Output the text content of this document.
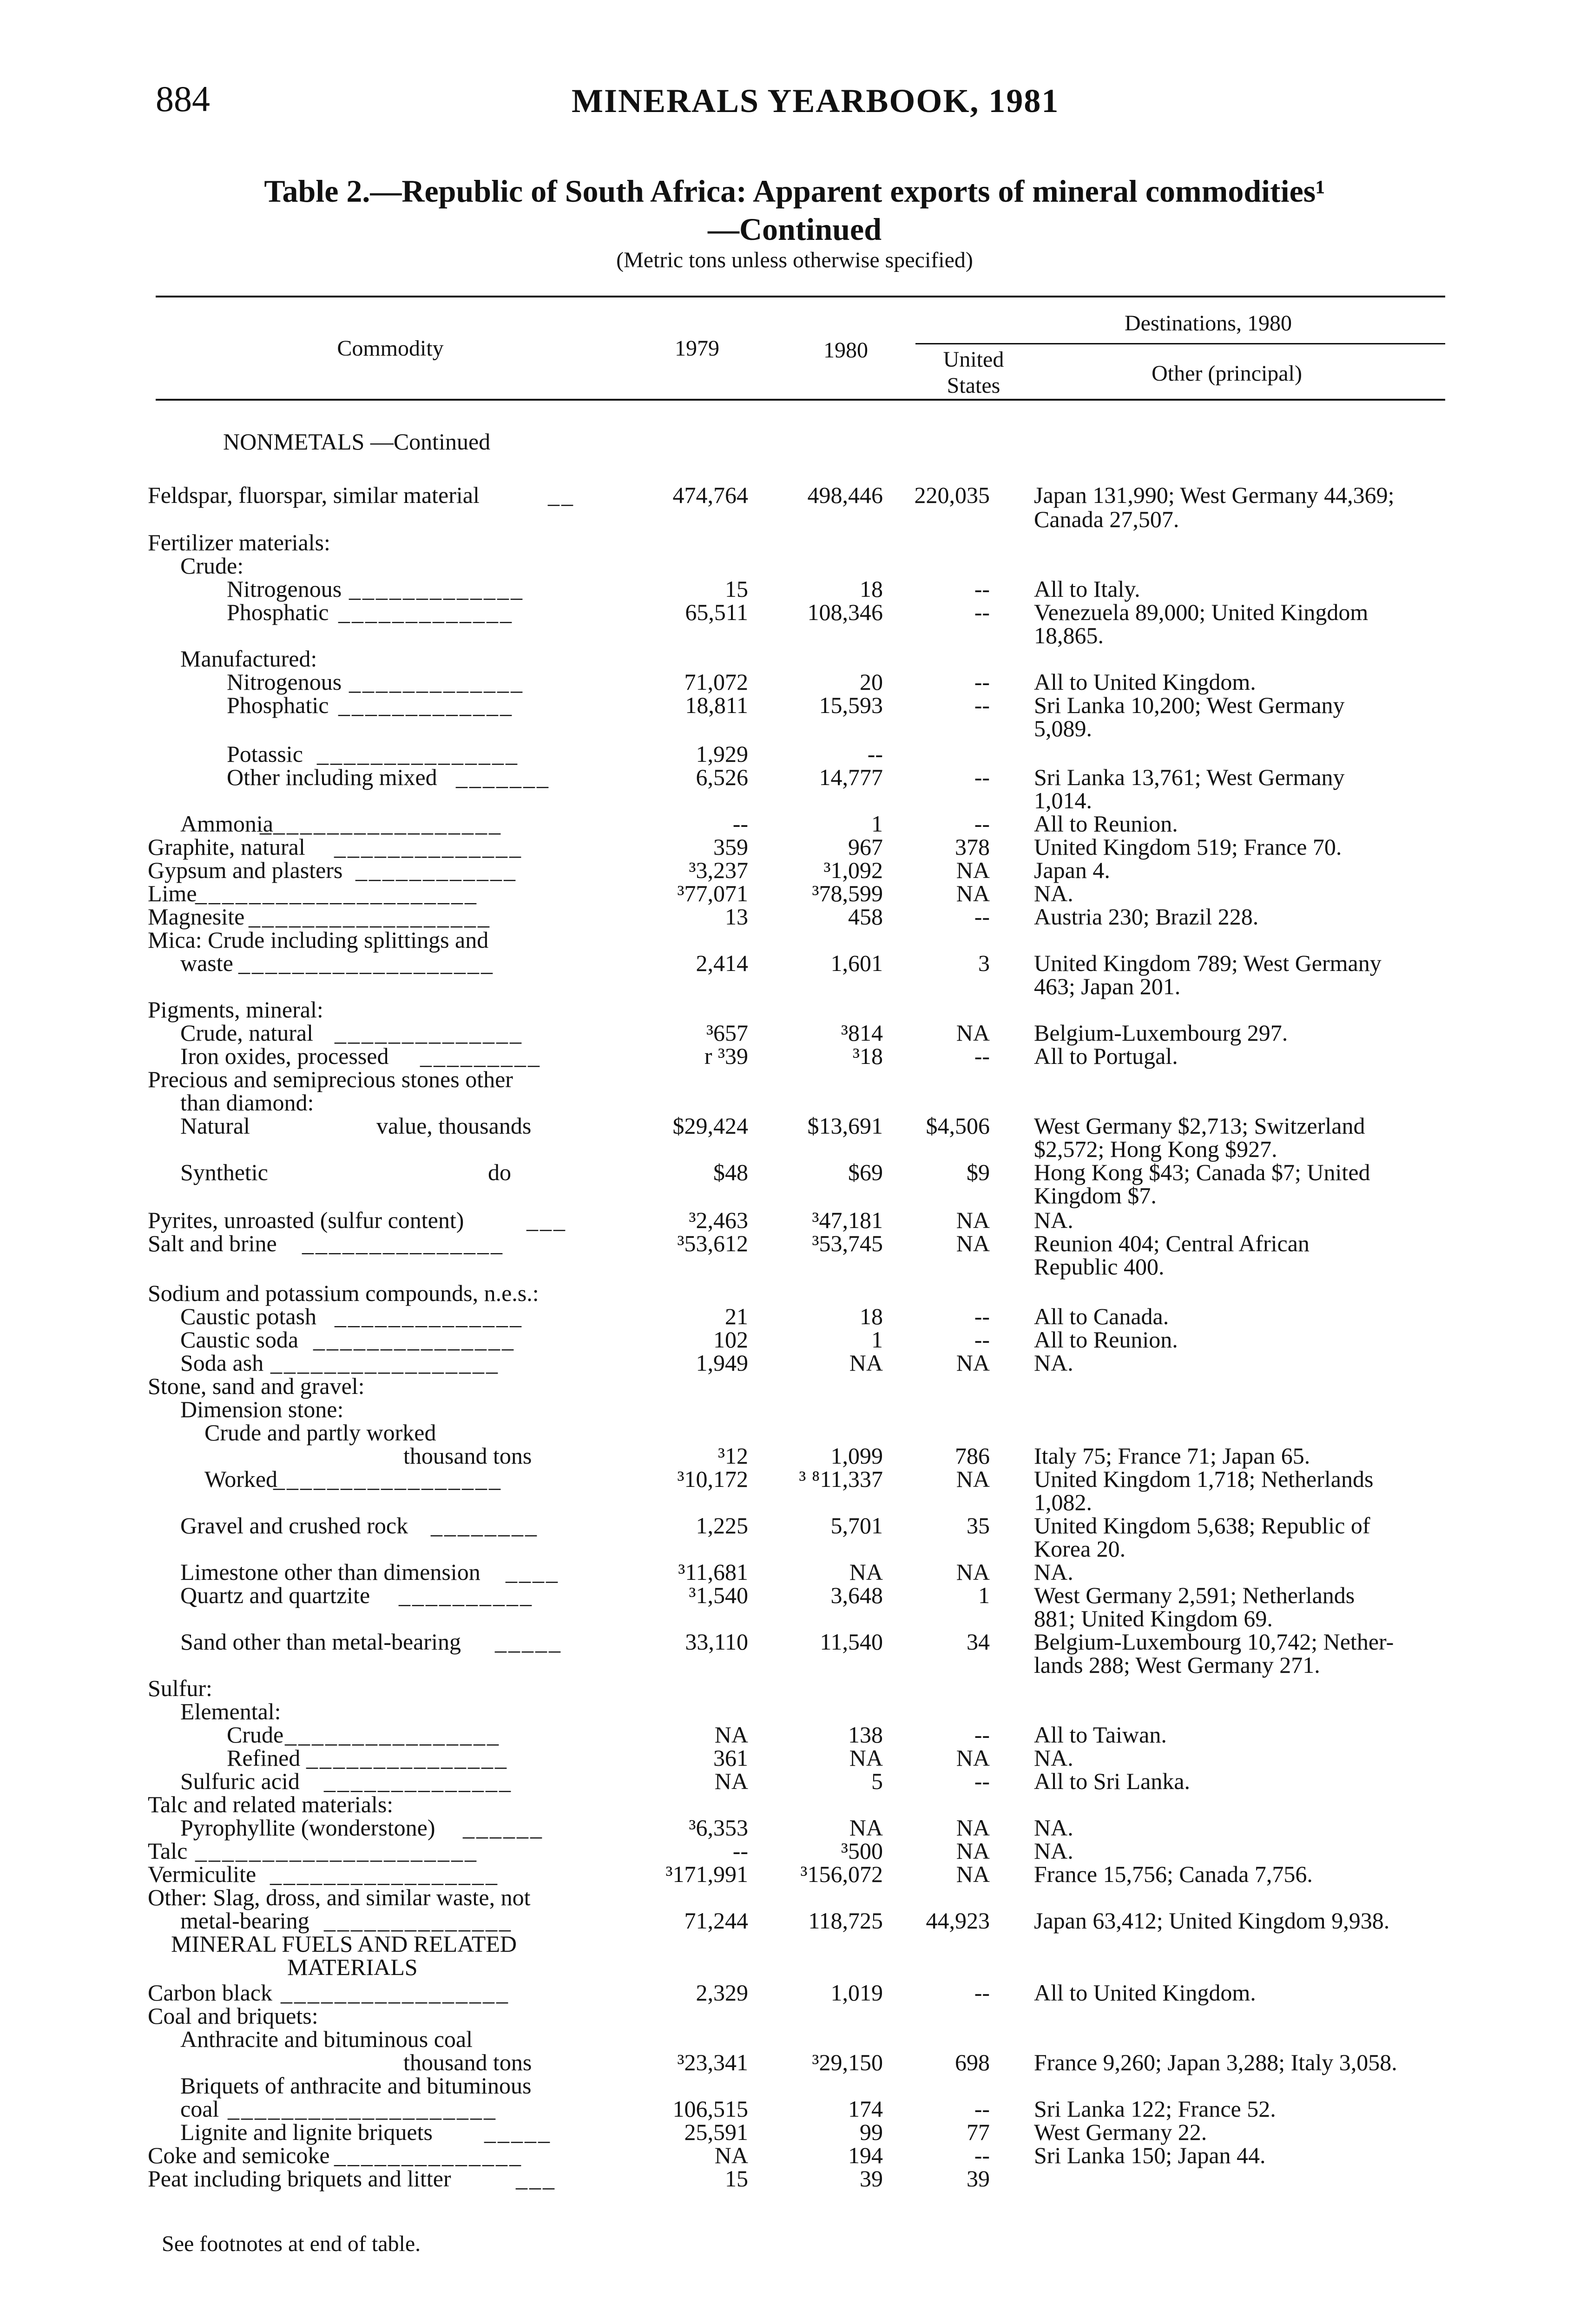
884	MINERALS YEARBOOK, 1981
Table 2.—Republic of South Africa: Apparent exports of mineral commodities¹
—Continued
(Metric tons unless otherwise specified)
Commodity	1979	1980
Destinations, 1980
United
States	Other (principal)
NONMETALS —Continued
Feldspar, fluorspar, similar material	__	474,764	498,446	220,035 Japan 131,990; West Germany 44,369;
Canada 27,507.
Fertilizer materials:
Crude:
Nitrogenous _____________	15	18	-- All to Italy.
Phosphatic _____________	65,511	108,346	-- Venezuela 89,000; United Kingdom
18,865.
Manufactured:
Nitrogenous _____________	71,072	20	-- All to United Kingdom.
Phosphatic _____________	18,811	15,593	-- Sri Lanka 10,200; West Germany
5,089.
Potassic _______________	1,929	--
Other including mixed _______	6,526	14,777	-- Sri Lanka 13,761; West Germany
1,014.
Ammonia
__________________	--	1	-- All to Reunion.
Graphite, natural ______________	359	967	378 United Kingdom 519; France 70.
Gypsum and plasters ____________	³3,237	³1,092	NA Japan 4.
Lime
_____________________	³77,071	³78,599	NA NA.
Magnesite __________________	13	458	-- Austria 230; Brazil 228.
Mica: Crude including splittings and
waste ___________________	2,414	1,601	3 United Kingdom 789; West Germany
463; Japan 201.
Pigments, mineral:
Crude, natural ______________	³657	³814	NA Belgium-Luxembourg 297.
Iron oxides, processed _________	r ³39	³18	-- All to Portugal.
Precious and semiprecious stones other
than diamond:
Natural	value, thousands	$29,424	$13,691	$4,506 West Germany $2,713; Switzerland
$2,572; Hong Kong $927.
Synthetic	do	$48	$69	$9 Hong Kong $43; Canada $7; United
Kingdom $7.
Pyrites, unroasted (sulfur content)	___	³2,463	³47,181	NA NA.
Salt and brine _______________	³53,612	³53,745	NA Reunion 404; Central African
Republic 400.
Sodium and potassium compounds, n.e.s.:
Caustic potash ______________	21	18	-- All to Canada.
Caustic soda _______________	102	1	-- All to Reunion.
Soda ash _________________	1,949	NA	NA NA.
Stone, sand and gravel:
Dimension stone:
Crude and partly worked
thousand tons	³12	1,099	786 Italy 75; France 71; Japan 65.
Worked
_________________	³10,172	³ ⁸11,337	NA United Kingdom 1,718; Netherlands
1,082.
Gravel and crushed rock ________	1,225	5,701	35 United Kingdom 5,638; Republic of
Korea 20.
Limestone other than dimension ____	³11,681	NA	NA NA.
Quartz and quartzite __________	³1,540	3,648	1 West Germany 2,591; Netherlands
881; United Kingdom 69.
Sand other than metal-bearing _____	33,110	11,540	34 Belgium-Luxembourg 10,742; Nether-
lands 288; West Germany 271.
Sulfur:
Elemental:
Crude ________________	NA	138	-- All to Taiwan.
Refined _______________	361	NA	NA NA.
Sulfuric acid ______________	NA	5	-- All to Sri Lanka.
Talc and related materials:
Pyrophyllite (wonderstone) ______	³6,353	NA	NA NA.
Talc _____________________	--	³500	NA NA.
Vermiculite _________________	³171,991	³156,072	NA France 15,756; Canada 7,756.
Other: Slag, dross, and similar waste, not
metal-bearing ______________	71,244	118,725	44,923 Japan 63,412; United Kingdom 9,938.
MINERAL FUELS AND RELATED
MATERIALS
Carbon black _________________	2,329	1,019	-- All to United Kingdom.
Coal and briquets:
Anthracite and bituminous coal
thousand tons	³23,341	³29,150	698 France 9,260; Japan 3,288; Italy 3,058.
Briquets of anthracite and bituminous
coal ____________________	106,515	174	-- Sri Lanka 122; France 52.
Lignite and lignite briquets _____	25,591	99	77 West Germany 22.
Coke and semicoke ______________	NA	194	-- Sri Lanka 150; Japan 44.
Peat including briquets and litter	___	15	39	39
See footnotes at end of table.
